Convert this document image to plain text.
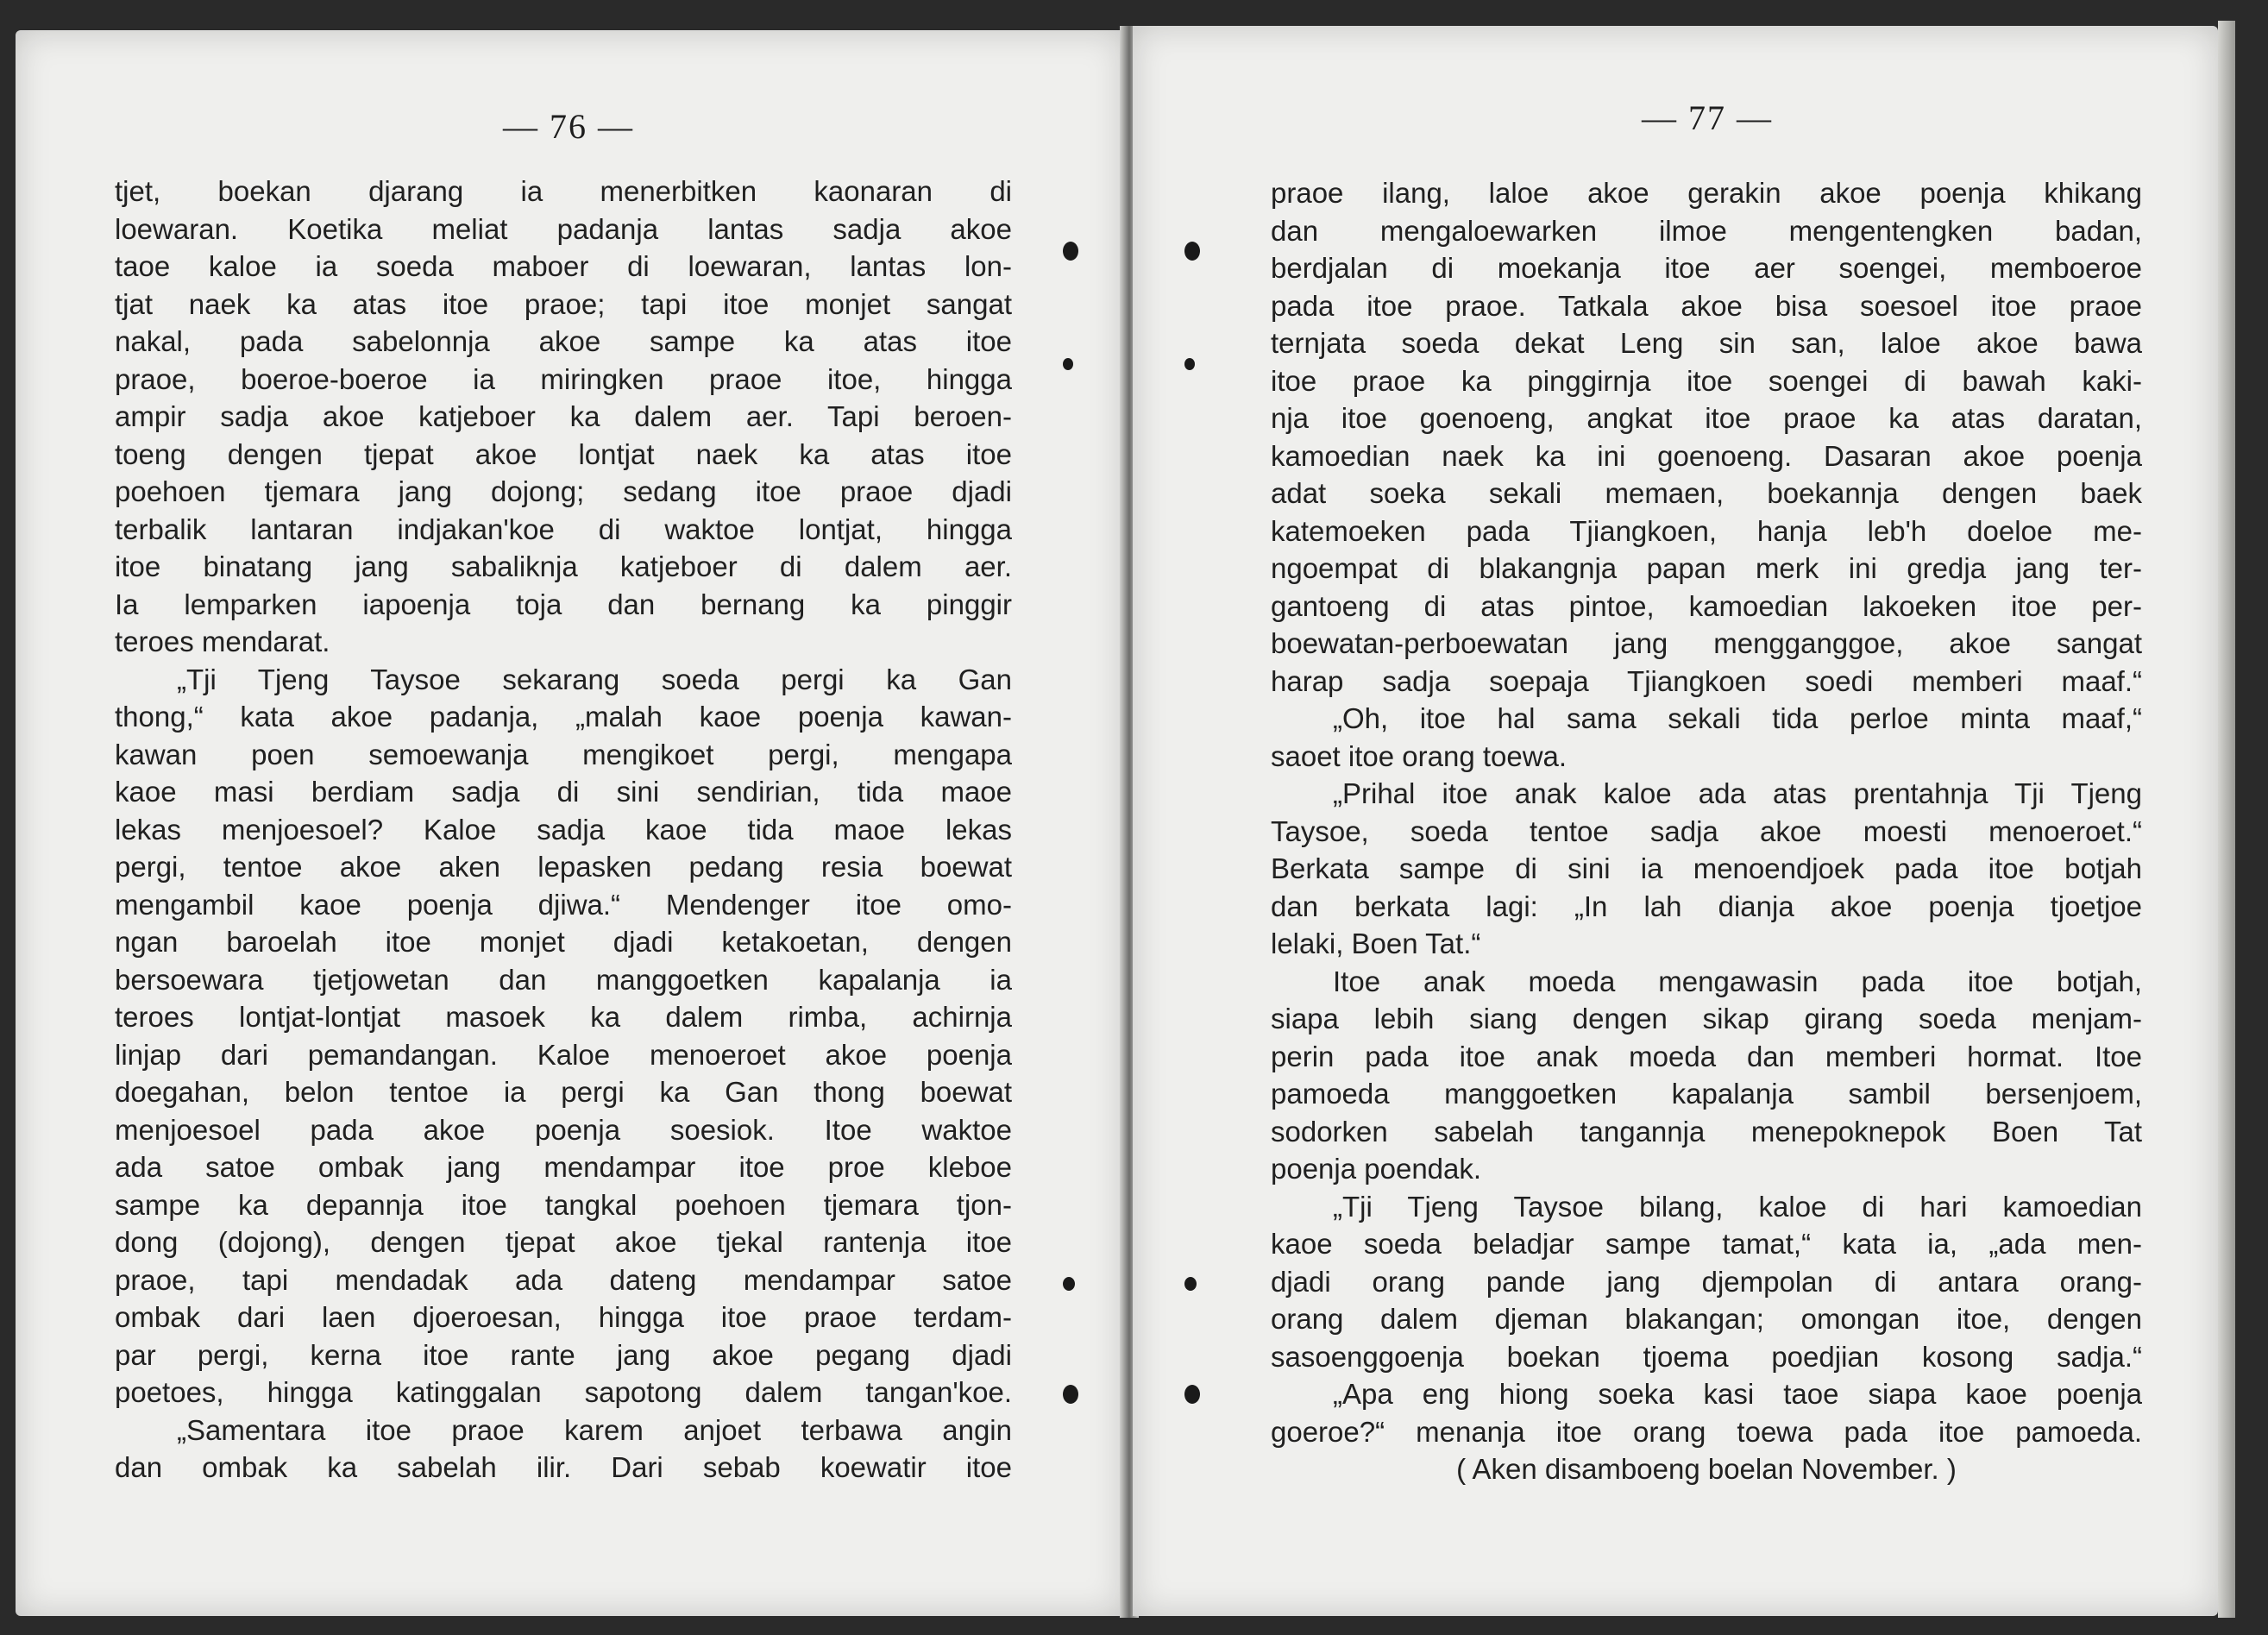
— 76 —
tjet, boekan djarang ia menerbitken kaonaran di
loewaran. Koetika meliat padanja lantas sadja akoe
taoe kaloe ia soeda maboer di loewaran, lantas lon-
tjat naek ka atas itoe praoe; tapi itoe monjet sangat
nakal, pada sabelonnja akoe sampe ka atas itoe
praoe, boeroe-boeroe ia miringken praoe itoe, hingga
ampir sadja akoe katjeboer ka dalem aer. Tapi beroen-
toeng dengen tjepat akoe lontjat naek ka atas itoe
poehoen tjemara jang dojong; sedang itoe praoe djadi
terbalik lantaran indjakan'koe di waktoe lontjat, hingga
itoe binatang jang sabaliknja katjeboer di dalem aer.
Ia lemparken iapoenja toja dan bernang ka pinggir
teroes mendarat.
„Tji Tjeng Taysoe sekarang soeda pergi ka Gan
thong,“ kata akoe padanja, „malah kaoe poenja kawan-
kawan poen semoewanja mengikoet pergi, mengapa
kaoe masi berdiam sadja di sini sendirian, tida maoe
lekas menjoesoel? Kaloe sadja kaoe tida maoe lekas
pergi, tentoe akoe aken lepasken pedang resia boewat
mengambil kaoe poenja djiwa.“ Mendenger itoe omo-
ngan baroelah itoe monjet djadi ketakoetan, dengen
bersoewara tjetjowetan dan manggoetken kapalanja ia
teroes lontjat-lontjat masoek ka dalem rimba, achirnja
linjap dari pemandangan. Kaloe menoeroet akoe poenja
doegahan, belon tentoe ia pergi ka Gan thong boewat
menjoesoel pada akoe poenja soesiok. Itoe waktoe
ada satoe ombak jang mendampar itoe proe kleboe
sampe ka depannja itoe tangkal poehoen tjemara tjon-
dong (dojong), dengen tjepat akoe tjekal rantenja itoe
praoe, tapi mendadak ada dateng mendampar satoe
ombak dari laen djoeroesan, hingga itoe praoe terdam-
par pergi, kerna itoe rante jang akoe pegang djadi
poetoes, hingga katinggalan sapotong dalem tangan'koe.
„Samentara itoe praoe karem anjoet terbawa angin
dan ombak ka sabelah ilir. Dari sebab koewatir itoe
— 77 —
praoe ilang, laloe akoe gerakin akoe poenja khikang
dan mengaloewarken ilmoe mengentengken badan,
berdjalan di moekanja itoe aer soengei, memboeroe
pada itoe praoe. Tatkala akoe bisa soesoel itoe praoe
ternjata soeda dekat Leng sin san, laloe akoe bawa
itoe praoe ka pinggirnja itoe soengei di bawah kaki-
nja itoe goenoeng, angkat itoe praoe ka atas daratan,
kamoedian naek ka ini goenoeng. Dasaran akoe poenja
adat soeka sekali memaen, boekannja dengen baek
katemoeken pada Tjiangkoen, hanja leb'h doeloe me-
ngoempat di blakangnja papan merk ini gredja jang ter-
gantoeng di atas pintoe, kamoedian lakoeken itoe per-
boewatan-perboewatan jang mengganggoe, akoe sangat
harap sadja soepaja Tjiangkoen soedi memberi maaf.“
„Oh, itoe hal sama sekali tida perloe minta maaf,“
saoet itoe orang toewa.
„Prihal itoe anak kaloe ada atas prentahnja Tji Tjeng
Taysoe, soeda tentoe sadja akoe moesti menoeroet.“
Berkata sampe di sini ia menoendjoek pada itoe botjah
dan berkata lagi: „In lah dianja akoe poenja tjoetjoe
lelaki, Boen Tat.“
Itoe anak moeda mengawasin pada itoe botjah,
siapa lebih siang dengen sikap girang soeda menjam-
perin pada itoe anak moeda dan memberi hormat. Itoe
pamoeda manggoetken kapalanja sambil bersenjoem,
sodorken sabelah tangannja menepoknepok Boen Tat
poenja poendak.
„Tji Tjeng Taysoe bilang, kaloe di hari kamoedian
kaoe soeda beladjar sampe tamat,“ kata ia, „ada men-
djadi orang pande jang djempolan di antara orang-
orang dalem djeman blakangan; omongan itoe, dengen
sasoenggoenja boekan tjoema poedjian kosong sadja.“
„Apa eng hiong soeka kasi taoe siapa kaoe poenja
goeroe?“ menanja itoe orang toewa pada itoe pamoeda.
( Aken disamboeng boelan November. )
